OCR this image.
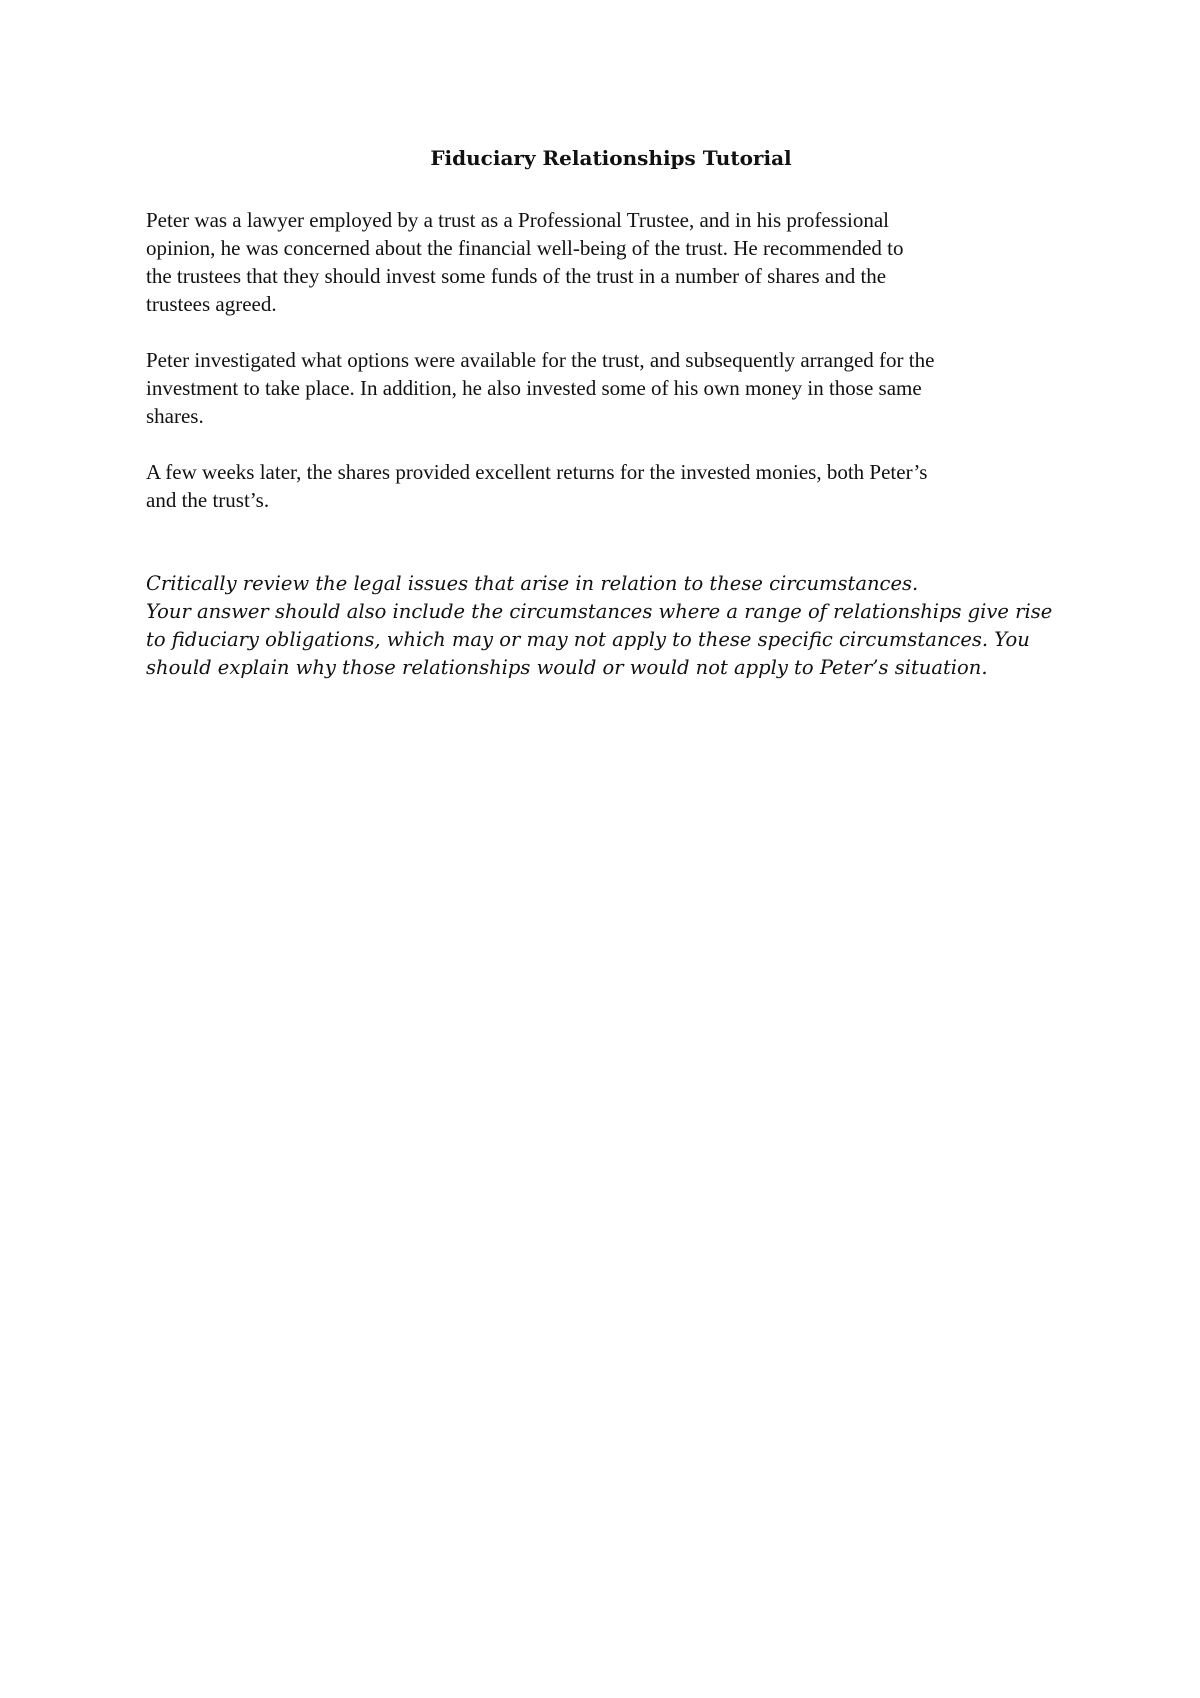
Fiduciary Relationships Tutorial
Peter was a lawyer employed by a trust as a Professional Trustee, and in his professional
opinion, he was concerned about the financial well-being of the trust. He recommended to
the trustees that they should invest some funds of the trust in a number of shares and the
trustees agreed.
Peter investigated what options were available for the trust, and subsequently arranged for the
investment to take place. In addition, he also invested some of his own money in those same
shares.
A few weeks later, the shares provided excellent returns for the invested monies, both Peter’s
and the trust’s.
Critically review the legal issues that arise in relation to these circumstances.
Your answer should also include the circumstances where a range of relationships give rise
to fiduciary obligations, which may or may not apply to these specific circumstances. You
should explain why those relationships would or would not apply to Peter’s situation.
